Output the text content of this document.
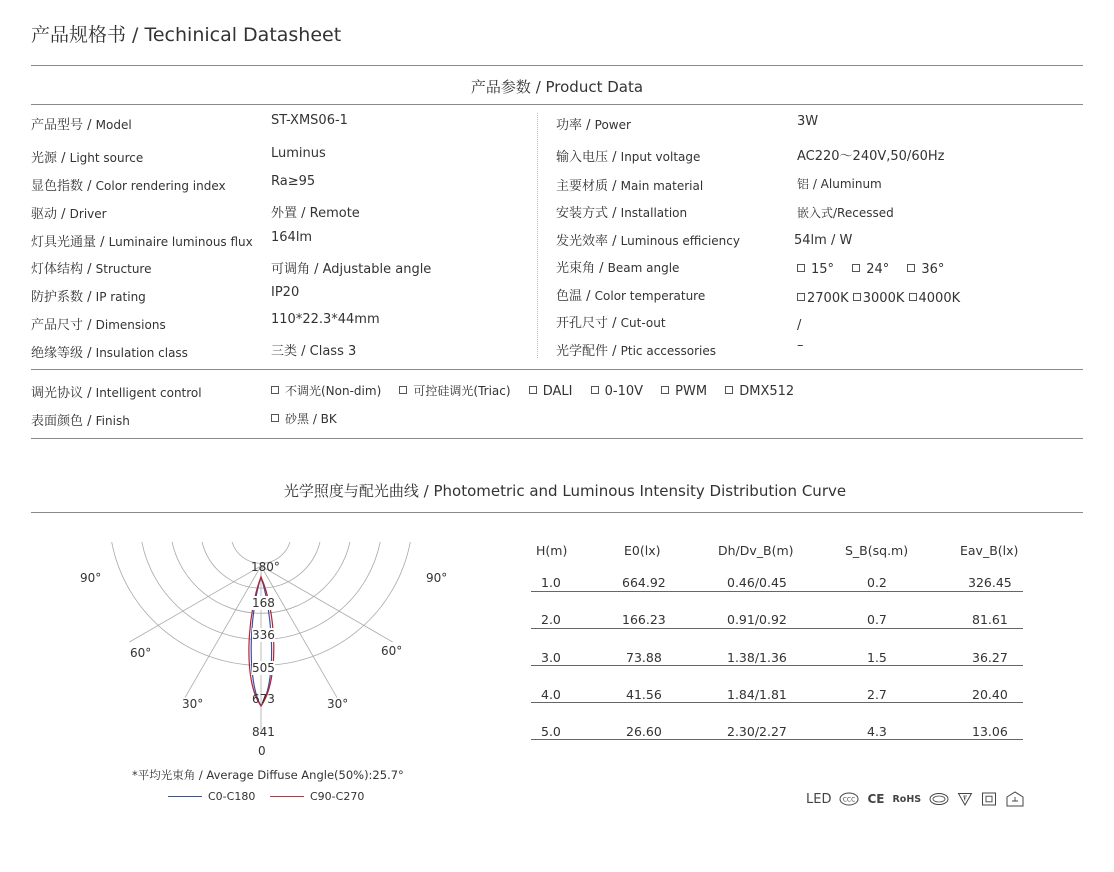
产品规格书 / Techinical Datasheet
产品参数 / Product Data
产品型号 / Model	ST-XMS06-1
光源 / Light source	Luminus
显色指数 / Color rendering index	Ra≥95
驱动 / Driver	外置 / Remote
灯具光通量 / Luminaire luminous flux 164lm
灯体结构 / Structure	可调角 / Adjustable angle
防护系数 / IP rating	IP20
产品尺寸 / Dimensions	110*22.3*44mm
绝缘等级 / Insulation class	三类 / Class 3
功率 / Power	3W
输入电压 / Input voltage	AC220～240V,50/60Hz
主要材质 / Main material	铝 / Aluminum
安装方式 / Installation	嵌入式/Recessed
发光效率 / Luminous efficiency	54lm / W
光束角 / Beam angle	15° 24° 36°
色温 / Color temperature	2700K 3000K 4000K
开孔尺寸 / Cut-out	/
光学配件 / Ptic accessories	–
调光协议 / Intelligent control	不调光(Non-dim)	可控硅调光(Triac) DALI 0-10V PWM DMX512
表面颜色 / Finish	砂黑 / BK
光学照度与配光曲线 / Photometric and Luminous Intensity Distribution Curve
90°	90°
60°	60°
30°	30°
180°
0
168
336
505
673
841
*平均光束角 / Average Diffuse Angle(50%):25.7°
C0-C180	C90-C270
H(m)	E0(lx)	Dh/Dv_B(m)	S_B(sq.m)	Eav_B(lx)
1.0	664.92	0.46/0.45	0.2	326.45
2.0	166.23	0.91/0.92	0.7	81.61
3.0	73.88	1.38/1.36	1.5	36.27
4.0	41.56	1.84/1.81	2.7	20.40
5.0	26.60	2.30/2.27	4.3	13.06
LED CCC CE RoHS
